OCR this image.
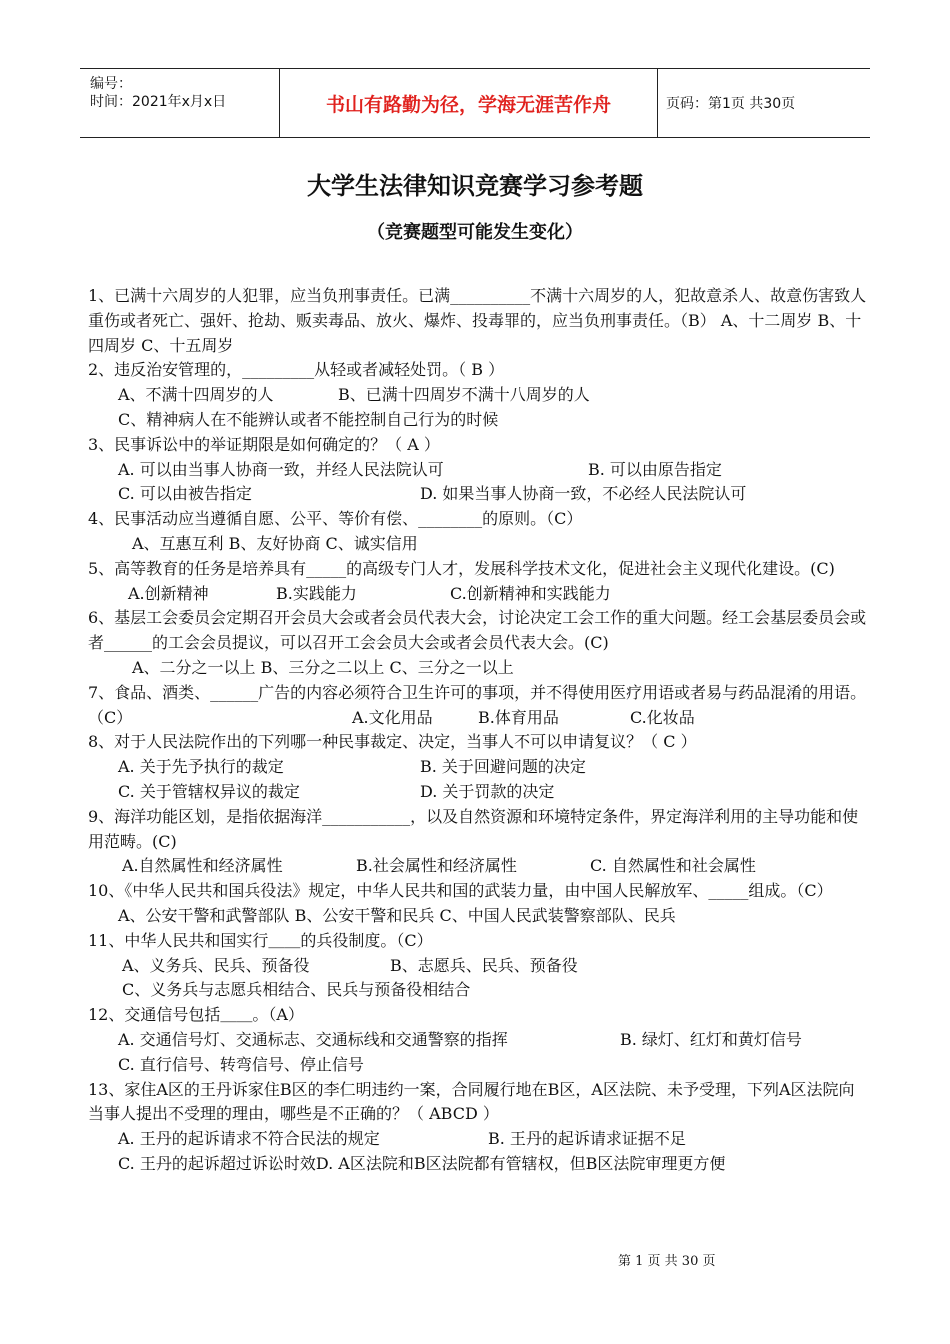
编号：
时间：2021年x月x日	书山有路勤为径，学海无涯苦作舟	页码：第1页 共30页
大学生法律知识竞赛学习参考题
（竞赛题型可能发生变化）
1、已满十六周岁的人犯罪，应当负刑事责任。已满__________不满十六周岁的人，犯故意杀人、故意伤害致人重伤或者死亡、强奸、抢劫、贩卖毒品、放火、爆炸、投毒罪的，应当负刑事责任。（B） A、十二周岁 B、十四周岁 C、十五周岁
2、违反治安管理的，_________从轻或者减轻处罚。（ B ）
A、不满十四周岁的人	B、已满十四周岁不满十八周岁的人
C、精神病人在不能辨认或者不能控制自己行为的时候
3、民事诉讼中的举证期限是如何确定的？（ A ）
A. 可以由当事人协商一致，并经人民法院认可	B. 可以由原告指定
C. 可以由被告指定	D. 如果当事人协商一致，不必经人民法院认可
4、民事活动应当遵循自愿、公平、等价有偿、________的原则。（C）
A、互惠互利 B、友好协商 C、诚实信用
5、高等教育的任务是培养具有_____的高级专门人才，发展科学技术文化，促进社会主义现代化建设。(C)
A.创新精神	B.实践能力	C.创新精神和实践能力
6、基层工会委员会定期召开会员大会或者会员代表大会，讨论决定工会工作的重大问题。经工会基层委员会或者______的工会会员提议，可以召开工会会员大会或者会员代表大会。(C)
A、二分之一以上 B、三分之二以上 C、三分之一以上
7、食品、酒类、______广告的内容必须符合卫生许可的事项，并不得使用医疗用语或者易与药品混淆的用语。（C）	A.文化用品	B.体育用品	C.化妆品
8、对于人民法院作出的下列哪一种民事裁定、决定，当事人不可以申请复议？（ C ）
A. 关于先予执行的裁定	B. 关于回避问题的决定
C. 关于管辖权异议的裁定	D. 关于罚款的决定
9、海洋功能区划，是指依据海洋___________，以及自然资源和环境特定条件，界定海洋利用的主导功能和使用范畴。(C)
A.自然属性和经济属性	B.社会属性和经济属性	C. 自然属性和社会属性
10、《中华人民共和国兵役法》规定，中华人民共和国的武装力量，由中国人民解放军、_____组成。（C）
A、公安干警和武警部队 B、公安干警和民兵 C、中国人民武装警察部队、民兵
11、中华人民共和国实行＿＿的兵役制度。（C）
A、义务兵、民兵、预备役	B、志愿兵、民兵、预备役
C、义务兵与志愿兵相结合、民兵与预备役相结合
12、交通信号包括＿＿。（A）
A. 交通信号灯、交通标志、交通标线和交通警察的指挥	B. 绿灯、红灯和黄灯信号
C. 直行信号、转弯信号、停止信号
13、家住A区的王丹诉家住B区的李仁明违约一案，合同履行地在B区，A区法院、未予受理，下列A区法院向当事人提出不受理的理由，哪些是不正确的？（ ABCD ）
A. 王丹的起诉请求不符合民法的规定	B. 王丹的起诉请求证据不足
C. 王丹的起诉超过诉讼时效 D. A区法院和B区法院都有管辖权，但B区法院审理更方便
第 1 页 共 30 页
